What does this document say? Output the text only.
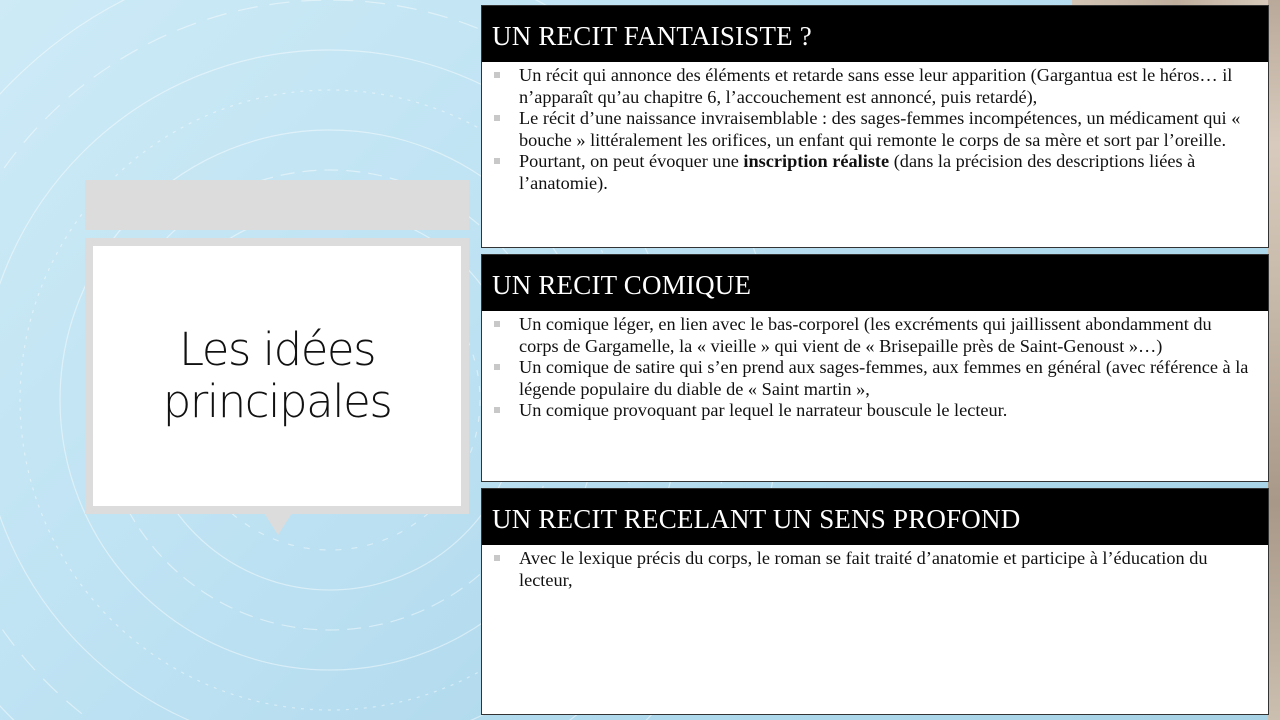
Les idées
principales
UN RECIT FANTAISISTE ?
Un récit qui annonce des éléments et retarde sans esse leur apparition (Gargantua est le héros… il n’apparaît qu’au chapitre 6, l’accouchement est annoncé, puis retardé),
Le récit d’une naissance invraisemblable : des sages-femmes incompétences, un médicament qui « bouche » littéralement les orifices, un enfant qui remonte le corps de sa mère et sort par l’oreille.
Pourtant, on peut évoquer une inscription réaliste (dans la précision des descriptions liées à l’anatomie).
UN RECIT COMIQUE
Un comique léger, en lien avec le bas-corporel (les excréments qui jaillissent abondamment du corps de Gargamelle, la « vieille » qui vient de « Brisepaille près de Saint-Genoust »…)
Un comique de satire qui s’en prend aux sages-femmes, aux femmes en général (avec référence à la légende populaire du diable de « Saint martin »,
Un comique provoquant par lequel le narrateur bouscule le lecteur.
UN RECIT RECELANT UN SENS PROFOND
Avec le lexique précis du corps, le roman se fait traité d’anatomie et participe à l’éducation du lecteur,
